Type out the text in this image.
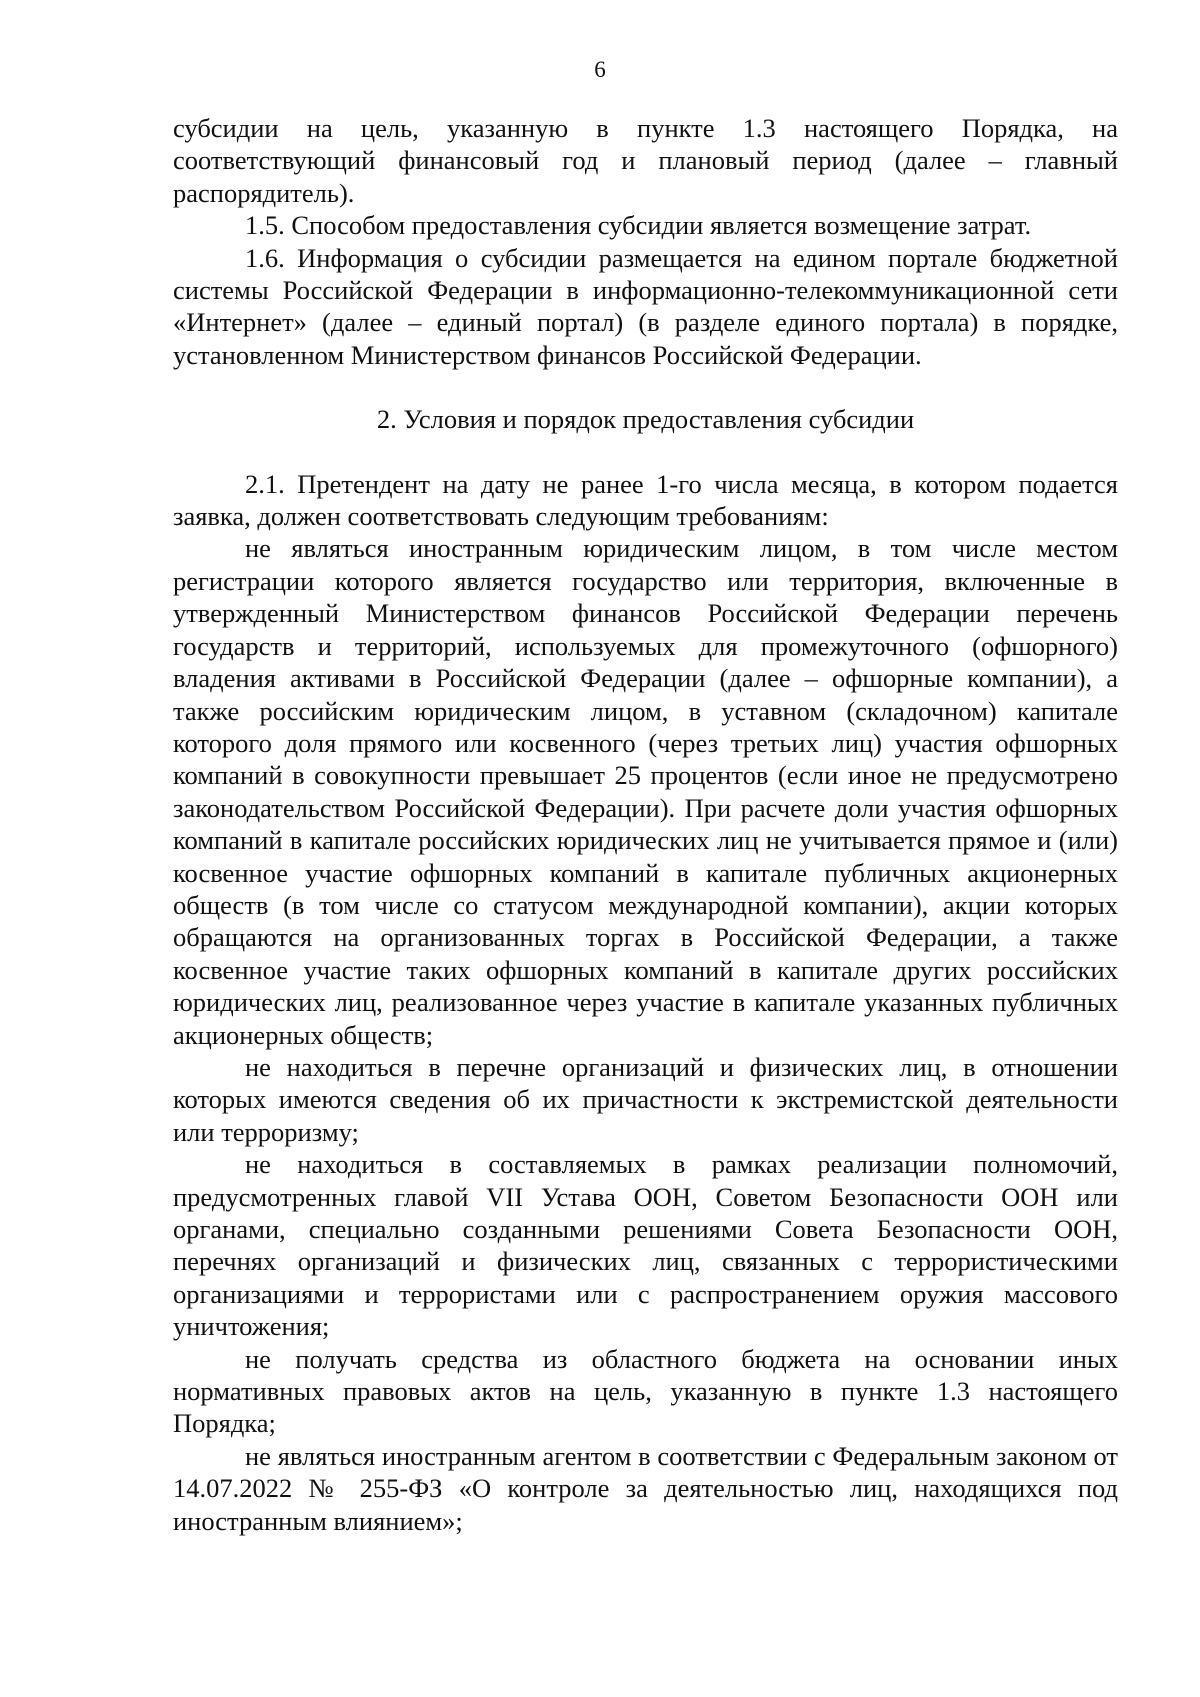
6

субсидии на цель, указанную в пункте 1.3 настоящего Порядка, на соответствующий финансовый год и плановый период (далее – главный распорядитель).

1.5. Способом предоставления субсидии является возмещение затрат.

1.6. Информация о субсидии размещается на едином портале бюджетной системы Российской Федерации в информационно-телекоммуникационной сети «Интернет» (далее – единый портал) (в разделе единого портала) в порядке, установленном Министерством финансов Российской Федерации.

2. Условия и порядок предоставления субсидии

2.1. Претендент на дату не ранее 1-го числа месяца, в котором подается заявка, должен соответствовать следующим требованиям:

не являться иностранным юридическим лицом, в том числе местом регистрации которого является государство или территория, включенные в утвержденный Министерством финансов Российской Федерации перечень государств и территорий, используемых для промежуточного (офшорного) владения активами в Российской Федерации (далее – офшорные компании), а также российским юридическим лицом, в уставном (складочном) капитале которого доля прямого или косвенного (через третьих лиц) участия офшорных компаний в совокупности превышает 25 процентов (если иное не предусмотрено законодательством Российской Федерации). При расчете доли участия офшорных компаний в капитале российских юридических лиц не учитывается прямое и (или) косвенное участие офшорных компаний в капитале публичных акционерных обществ (в том числе со статусом международной компании), акции которых обращаются на организованных торгах в Российской Федерации, а также косвенное участие таких офшорных компаний в капитале других российских юридических лиц, реализованное через участие в капитале указанных публичных акционерных обществ;

не находиться в перечне организаций и физических лиц, в отношении которых имеются сведения об их причастности к экстремистской деятельности или терроризму;

не находиться в составляемых в рамках реализации полномочий, предусмотренных главой VII Устава ООН, Советом Безопасности ООН или органами, специально созданными решениями Совета Безопасности ООН, перечнях организаций и физических лиц, связанных с террористическими организациями и террористами или с распространением оружия массового уничтожения;

не получать средства из областного бюджета на основании иных нормативных правовых актов на цель, указанную в пункте 1.3 настоящего Порядка;

не являться иностранным агентом в соответствии с Федеральным законом от 14.07.2022 № 255-ФЗ «О контроле за деятельностью лиц, находящихся под иностранным влиянием»;
